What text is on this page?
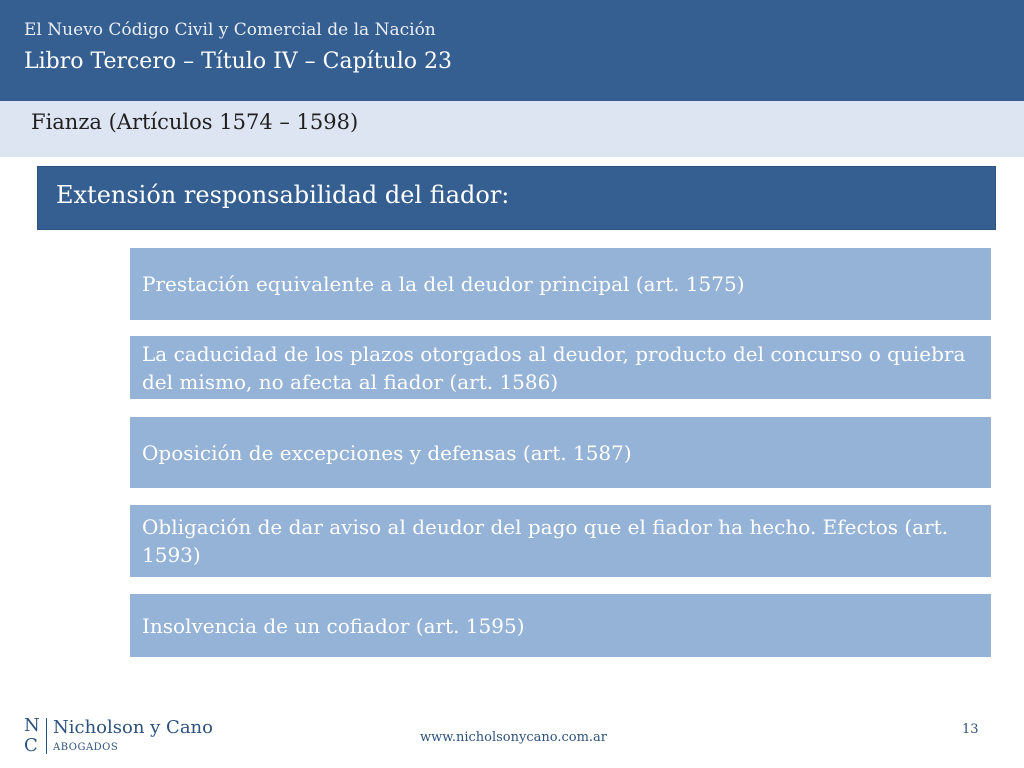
El Nuevo Código Civil y Comercial de la Nación
Libro Tercero – Título IV – Capítulo 23
Fianza (Artículos 1574 – 1598)
Extensión responsabilidad del fiador:
Prestación equivalente a la del deudor principal (art. 1575)
La caducidad de los plazos otorgados al deudor, producto del concurso o quiebra del mismo, no afecta al fiador (art. 1586)
Oposición de excepciones y defensas (art. 1587)
Obligación de dar aviso al deudor del pago que el fiador ha hecho. Efectos (art. 1593)
Insolvencia de un cofiador (art. 1595)
N
C
Nicholson y Cano
ABOGADOS
www.nicholsonycano.com.ar
13
